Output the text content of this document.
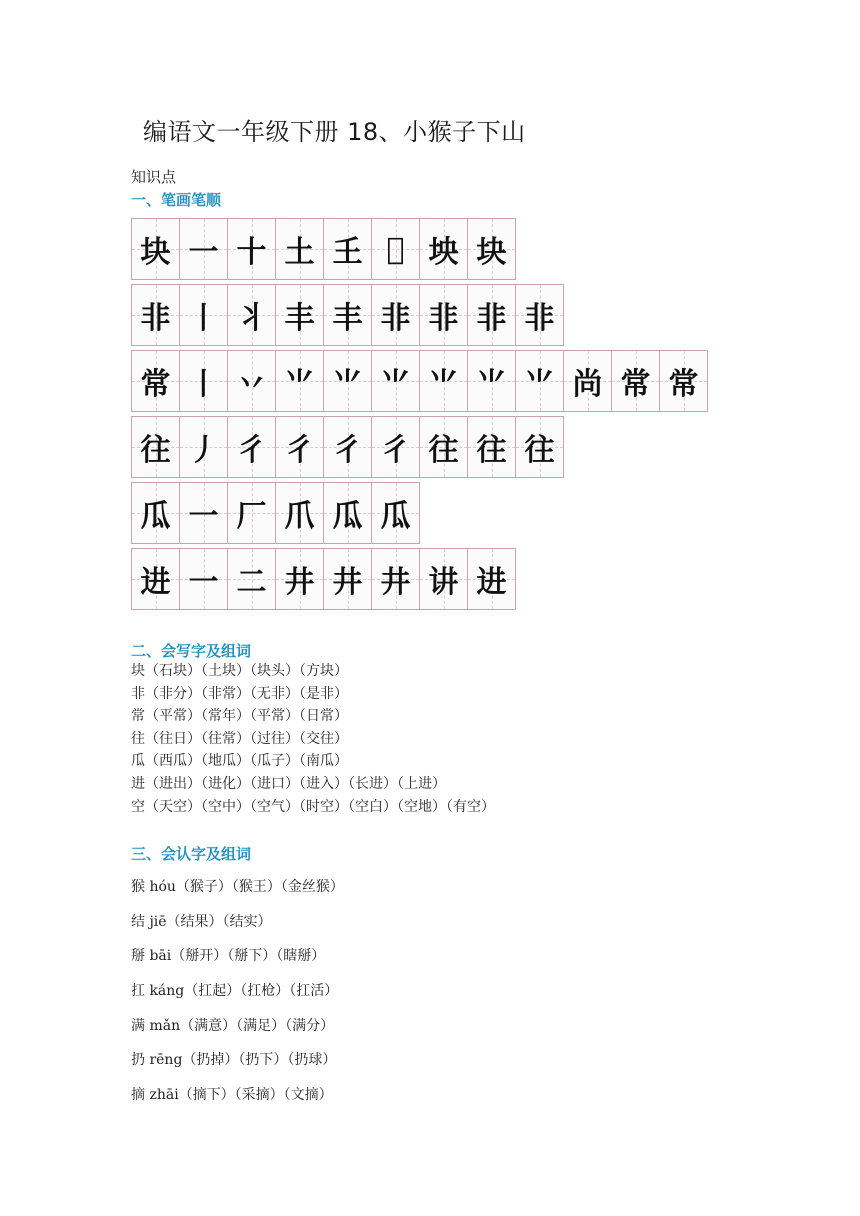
编语文一年级下册 18、小猴子下山
知识点
一、笔画笔顺
块 一 十 土 𡈼 𡉀 坱 块
非 丨 丬 丰 丰 非 非 非 非
常 丨 丷 ⺌ ⺌ ⺌ ⺌ ⺌ ⺌ 尚 常 常
往 丿 彳 彳 彳 彳 往 往 往
瓜 一 厂 爪 瓜 瓜
进 一 二 井 井 井 讲 进
二、会写字及组词
块（石块）（土块）（块头）（方块）
非（非分）（非常）（无非）（是非）
常（平常）（常年）（平常）（日常）
往（往日）（往常）（过往）（交往）
瓜（西瓜）（地瓜）（瓜子）（南瓜）
进（进出）（进化）（进口）（进入）（长进）（上进）
空（天空）（空中）（空气）（时空）（空白）（空地）（有空）
三、会认字及组词
猴 hóu（猴子）（猴王）（金丝猴）
结 jiē（结果）（结实）
掰 bāi（掰开）（掰下）（瞎掰）
扛 káng（扛起）（扛枪）（扛活）
满 mǎn（满意）（满足）（满分）
扔 rēng（扔掉）（扔下）（扔球）
摘 zhāi（摘下）（采摘）（文摘）
